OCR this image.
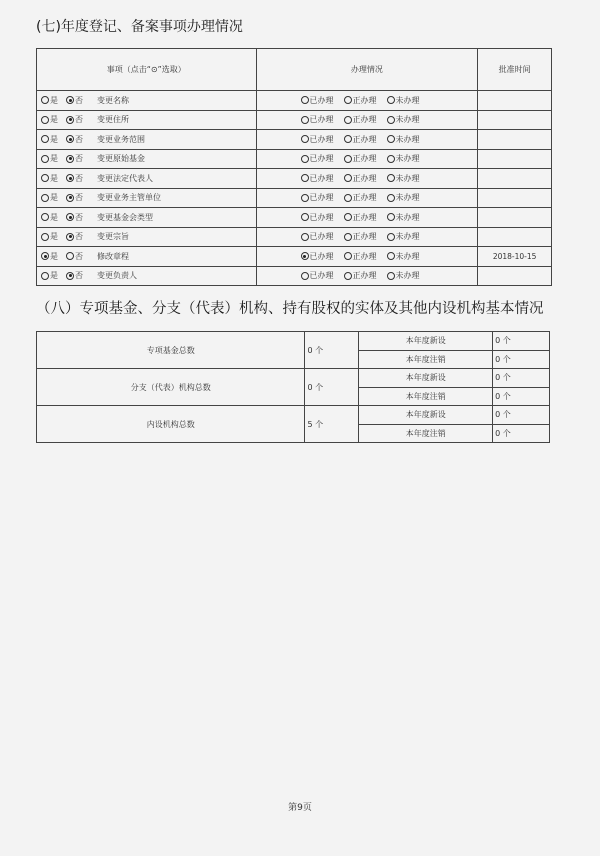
(七)年度登记、备案事项办理情况
事项（点击“⊙”选取）	办理情况	批准时间
是 否 变更名称	已办理 正办理 未办理	
是 否 变更住所	已办理 正办理 未办理	
是 否 变更业务范围	已办理 正办理 未办理	
是 否 变更原始基金	已办理 正办理 未办理	
是 否 变更法定代表人	已办理 正办理 未办理	
是 否 变更业务主管单位	已办理 正办理 未办理	
是 否 变更基金会类型	已办理 正办理 未办理	
是 否 变更宗旨	已办理 正办理 未办理	
是 否 修改章程	已办理 正办理 未办理	2018-10-15
是 否 变更负责人	已办理 正办理 未办理	
（八）专项基金、分支（代表）机构、持有股权的实体及其他内设机构基本情况
专项基金总数	0 个	本年度新设	0 个
		本年度注销	0 个
分支（代表）机构总数	0 个	本年度新设	0 个
		本年度注销	0 个
内设机构总数	5 个	本年度新设	0 个
		本年度注销	0 个
第9页
